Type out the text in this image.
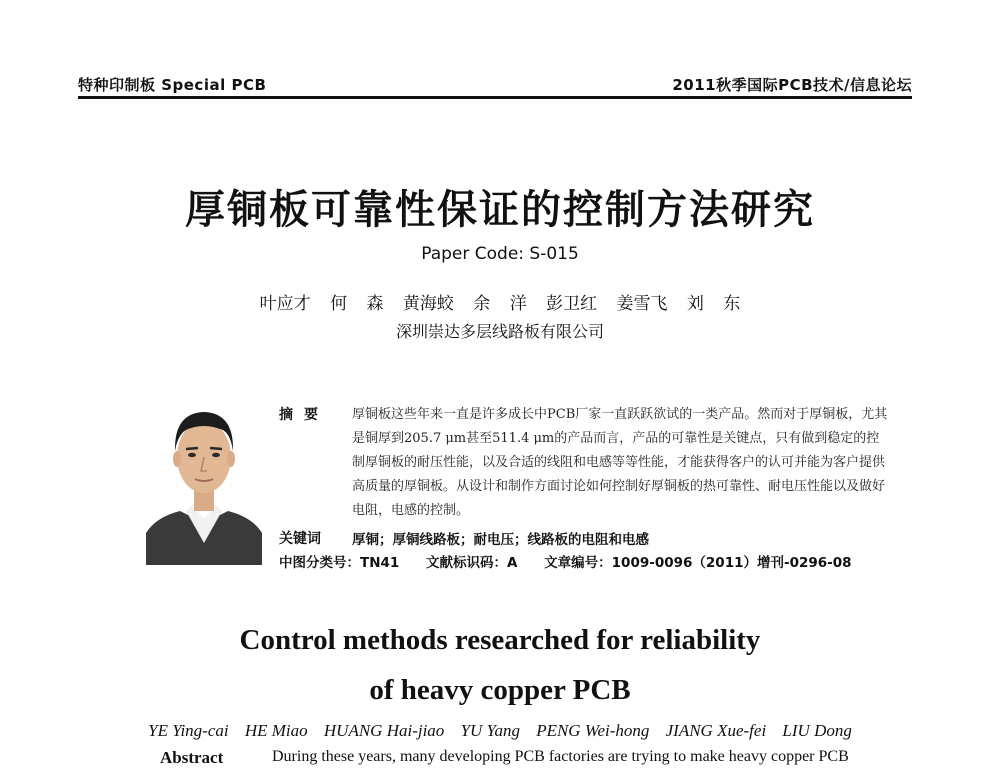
特种印制板 Special PCB	2011秋季国际PCB技术/信息论坛
厚铜板可靠性保证的控制方法研究
Paper Code: S-015
叶应才 何 森 黄海蛟 余 洋 彭卫红 姜雪飞 刘 东
深圳崇达多层线路板有限公司
摘要 厚铜板这些年来一直是许多成长中PCB厂家一直跃跃欲试的一类产品。然而对于厚铜板，尤其是铜厚到205.7 μm甚至511.4 μm的产品而言，产品的可靠性是关键点，只有做到稳定的控制厚铜板的耐压性能，以及合适的线阻和电感等等性能，才能获得客户的认可并能为客户提供高质量的厚铜板。从设计和制作方面讨论如何控制好厚铜板的热可靠性、耐电压性能以及做好电阻，电感的控制。
关键词 厚铜；厚铜线路板；耐电压；线路板的电阻和电感
中图分类号：TN41 文献标识码：A 文章编号：1009-0096（2011）增刊-0296-08
Control methods researched for reliability
of heavy copper PCB
YE Ying-cai HE Miao HUANG Hai-jiao YU Yang PENG Wei-hong JIANG Xue-fei LIU Dong
Abstract	During these years, many developing PCB factories are trying to make heavy copper PCB
